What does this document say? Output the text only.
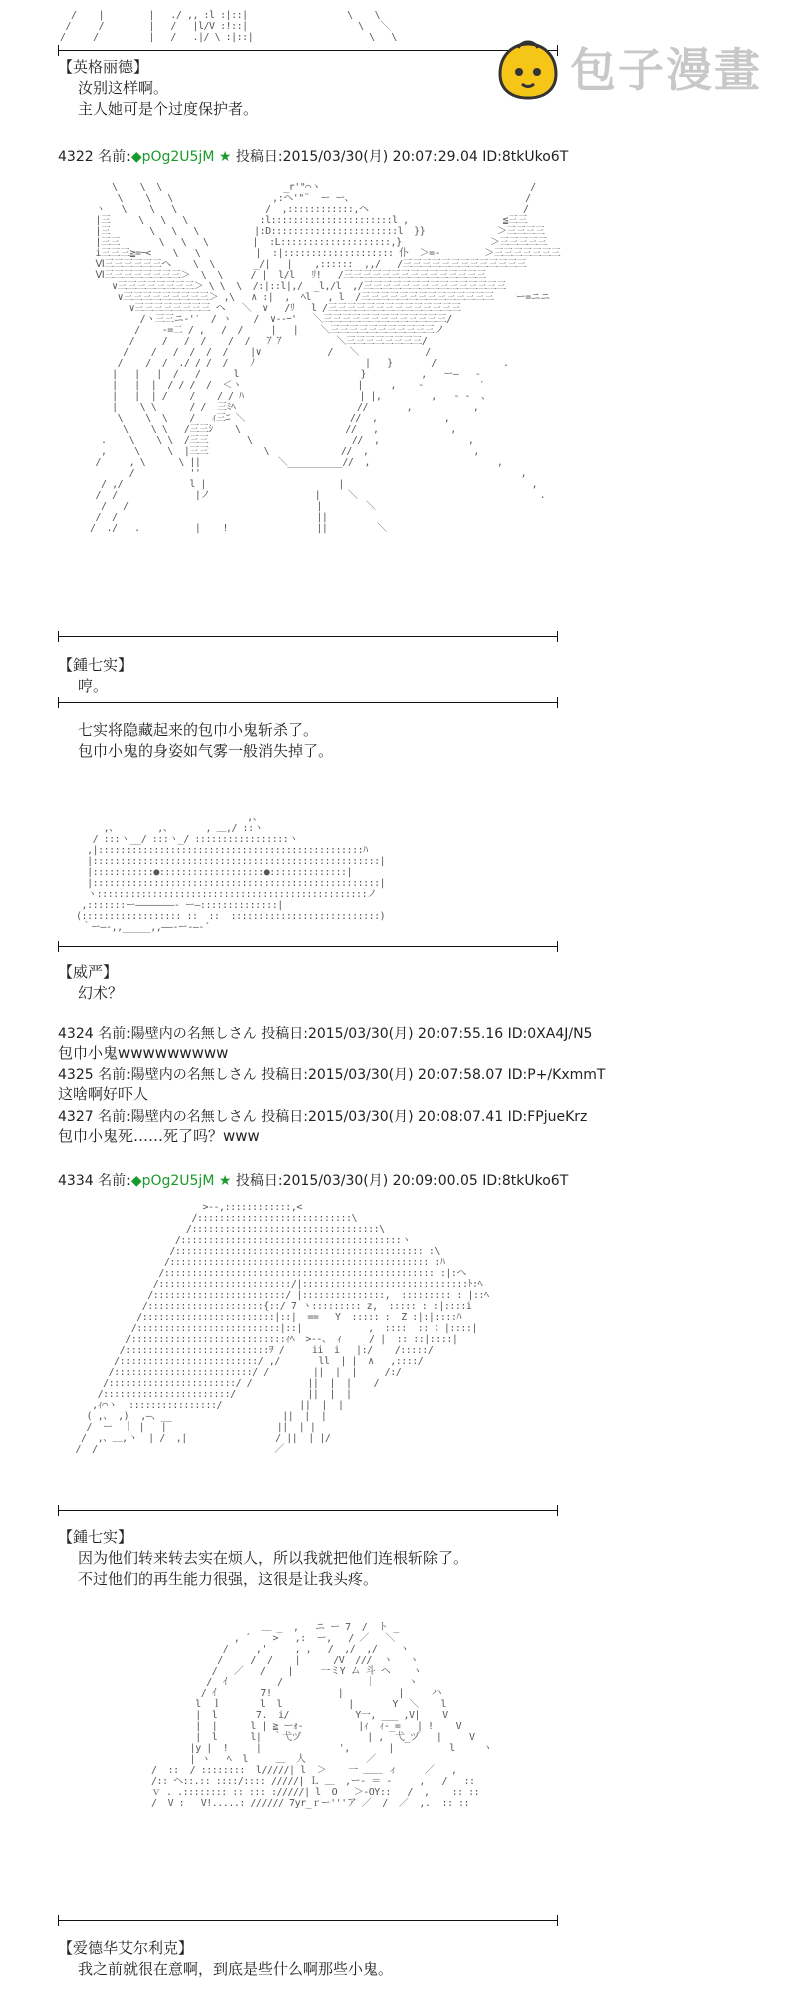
/    |        |   ./ ,, :l :|::|                  \    \
/     /        |   /   |l/V :!::|                    \   ＼
/     /         |   /   .|/ \ :|::|                     \   \
包子漫畫
【英格丽德】
汝别这样啊。
主人她可是个过度保护者。
4322 名前:◆pOg2U5jM ★ 投稿日:2015/03/30(月) 20:07:29.04 ID:8tkUko6T
\    \  \                      _r'"⌒ヽ                                      /
\    \   \                  ,:ヘ'"¨  ー ー、                               /
ヽ   \    \   \                /  ,::::::::::::,ヘ                            /
|三     \   \   \             :l::::::::::::::::::::::l ,                 ≦三三
|三       \   \   \          |:D:::::::::::::::::::::::l  }}             ＞三三三三
|三三       \   \   \        |  :L::::::::::::::::::::,}                ＞三三三三三
i三三三≧=ｰ<    \   \          |  :|:::::::::::::::::::: 仆  ＞=-        ＞三三三三三三三
Ⅵ三三三三三三ヘ    \  \       _/|   |    ,::::::  ,,/   /三三三三三三三三三三三三三
Ⅵ三三三三三三三三＞  \  \     / |  l/l   ﾘ!   /三三三三三三三三三三三三三三三
∨三三三三三三三三＞ \ \  \  /:|::l|,/  _l,/l  ,/三三三三三三三三三三三三三三三
∨三三三三三三三三三＞ ,\   ∧ :|  ,  ﾍl   , l  /三三三三三三三三三三三三三三    ー=ニニ
∨三三三三三三三三 ヘ   ＼  ∨   /ﾘ   l /三三三三三三三三三三三三三三
/ヽ三三ニ-'′  / ヽ    /  ∨-‐ｰ'   ＼三三三三三三三三三三三三三/
/    ‐=二 / ,   /  /     |   |    ＼三三三三三三三三三三三ノ
/     /   /  /    /  /   ｱ ｱ          ＼三三三三三三三三/
/    /   /  /  /  /    |∨            /   ＼            /
/    /  /  ./ / /  /    ﾉ                    |   }       /            .
|   |   |  /   /      l                      }          ,   ー―   ‐
|   |  |  / / /  /  ＜ヽ                     |     ,    ‐          ′
|   |  | /    /    / / ﾊ                     | |,         ,   ‐ ‐  、
|    \ \      / /  三ﾐﾍ                      //       ,           ,
\    \  \    /   ｨ三ﾆ ＼                   //  ,            ,
\    \ \   /三三ｼ    \                   //   ,             ,
.    \    \ \  /三三       \                  //  ,                ,
,     \     \  |三三          \             //  ,                   ,
/     , \      \ ||              ＼__________//  ,                       ,
/          ''                                                          ,
/ ,/            l |                        |                                  ,
/  /              |ノ                   |     ＼                                 .
/   /                                  |        ＼
/  /                                    ||
/  ./   .          |    !                ||         ＼
【鍾七实】
哼。
七实将隐藏起来的包巾小鬼斩杀了。
包巾小鬼的身姿如气雾一般消失掉了。
,、
,、       ,、      , ＿,/ ::ヽ
/ :::ヽ__/ :::ヽ_/ :::::::::::::::::ヽ
,|::::::::::::::::::::::::::::::::::::::::::::::::ﾊ
|::::::::::::::::::::::::::::::::::::::::::::::::::::|
|:::::::::::●:::::::::::::::::::●::::::::::::::|
|::::::::::::::::::::::::::::::::::::::::::::::::::::|
ヽ:::::::::::::::::::::::::::::::::::::::::::::::::ノ
,:::::::ー―――――――‐ ー―::::::::::::::|
(:::::::::::::::::: ::  ::  :::::::::::::::::::::::::::)
｀ー―‐,,_____,,――‐ー‐―‐´
【威严】
幻术？
4324 名前:陽壁内の名無しさん 投稿日:2015/03/30(月) 20:07:55.16 ID:0XA4J/N5
包巾小鬼wwwwwwwww
4325 名前:陽壁内の名無しさん 投稿日:2015/03/30(月) 20:07:58.07 ID:P+/KxmmT
这啥啊好吓人
4327 名前:陽壁内の名無しさん 投稿日:2015/03/30(月) 20:08:07.41 ID:FPjueKrz
包巾小鬼死……死了吗？www
4334 名前:◆pOg2U5jM ★ 投稿日:2015/03/30(月) 20:09:00.05 ID:8tkUko6T
>‐-,::::::::::::,<
/::::::::::::::::::::::::::::\
/::::::::::::::::::::::::::::::::::\
/::::::::::::::::::::::::::::::::::::::::ヽ
/::::::::::::::::::::::::::::::::::::::::::::: :\
/::::::::::::::::::::::::::::::::::::::::::::::: :ﾊ
/::::::::::::::::::::::::::::::::::::::::::::::::: :|:ヘ
/::::::::::::::::::::::::/|::::::::::::::::::::::::::::::ﾄ:ﾍ
/::::::::::::::::::::::::/ |:::::::::::::::,  ::::::::: : |::ﾍ
/:::::::::::::::::::::{::/ 7 ヽ::::::::: z,  ::::: : :|::::i
/::::::::::::::::::::::::|::|  ==   Y  ::::: :  Z :|:|::::ﾊ
/::::::::::::::::::::::::::|::|            ,  ::::  :: ：|::::|
/::::::::::::::::::::::::::::ｨﾍ  >‐-、 ｨ     / |  :: ::|::::|
/::::::::::::::::::::::::::ｦ /     ii  i   |:/    /:::::/
/:::::::::::::::::::::::::/ ,/       ll  | |  ∧   ,::::/
/:::::::::::::::::::::::::/ /        ||  |  |     /:/
/:::::::::::::::::::::::/ /          ||  |  |    /
/:::::::::::::::::::::::/             ||  |  |
,ｨ⌒ヽ  ::::::::::::::::/              ||  |  |
( ,、 ,)  ,―、__                    ||  |  |
/  ー  ｜ |   |                    ||  | |
/  ,、＿,ヽ  | /  ,|                / ||  | |/
/  /                                ／
【鍾七实】
因为他们转来转去实在烦人，所以我就把他们连根斩除了。
不过他们的再生能力很强，这很是让我头疼。
＿ _  ,   ニ ー 7  /  ト _
, ´    >   ,:  ー,   / ／   ＼
/     ,'     , ,   /  ,/  ,/    ヽ
/     /  /    |      /V  ///  ヽ   ヽ
/   ／   /    |     一ミY ム 斗 ヘ    ヽ
/  ｲ         /               ｜      ヽ
/ ｲ        7!            |          |     ハ
l  ｌ       l  l            |       Y  ＼    l
|  l       7.  i/            Y一, ___ ,V|    V
|  |      l | ≧ ーｫ-          |ｨ  ｨ-_=   | !    V
|  l      l|  ｀弋ヅ            | ,  弋_ヅ   |     V
|y |  !     |              ',       |          l     ヽ
| ヽ   ﾍ  l     ＿  人           ／
/  ::  / ::::::::  l/////| l  ＞    一 ＿＿ ィ     ／   ,
/:: ヘ::.:: ::::/:::: /////| Ｌ ＿  ,ー‐ ＝ ‐     ,   /   ::
ｖ . .:::::::: :: ::: ://///| l  O   ＞-OY::   /  ,    :: ::
/  V :   V!.....: ////// 7yr_ｒー'''ア ／  /  ／  ,.  :: ::
【爱德华艾尔利克】
我之前就很在意啊，到底是些什么啊那些小鬼。
